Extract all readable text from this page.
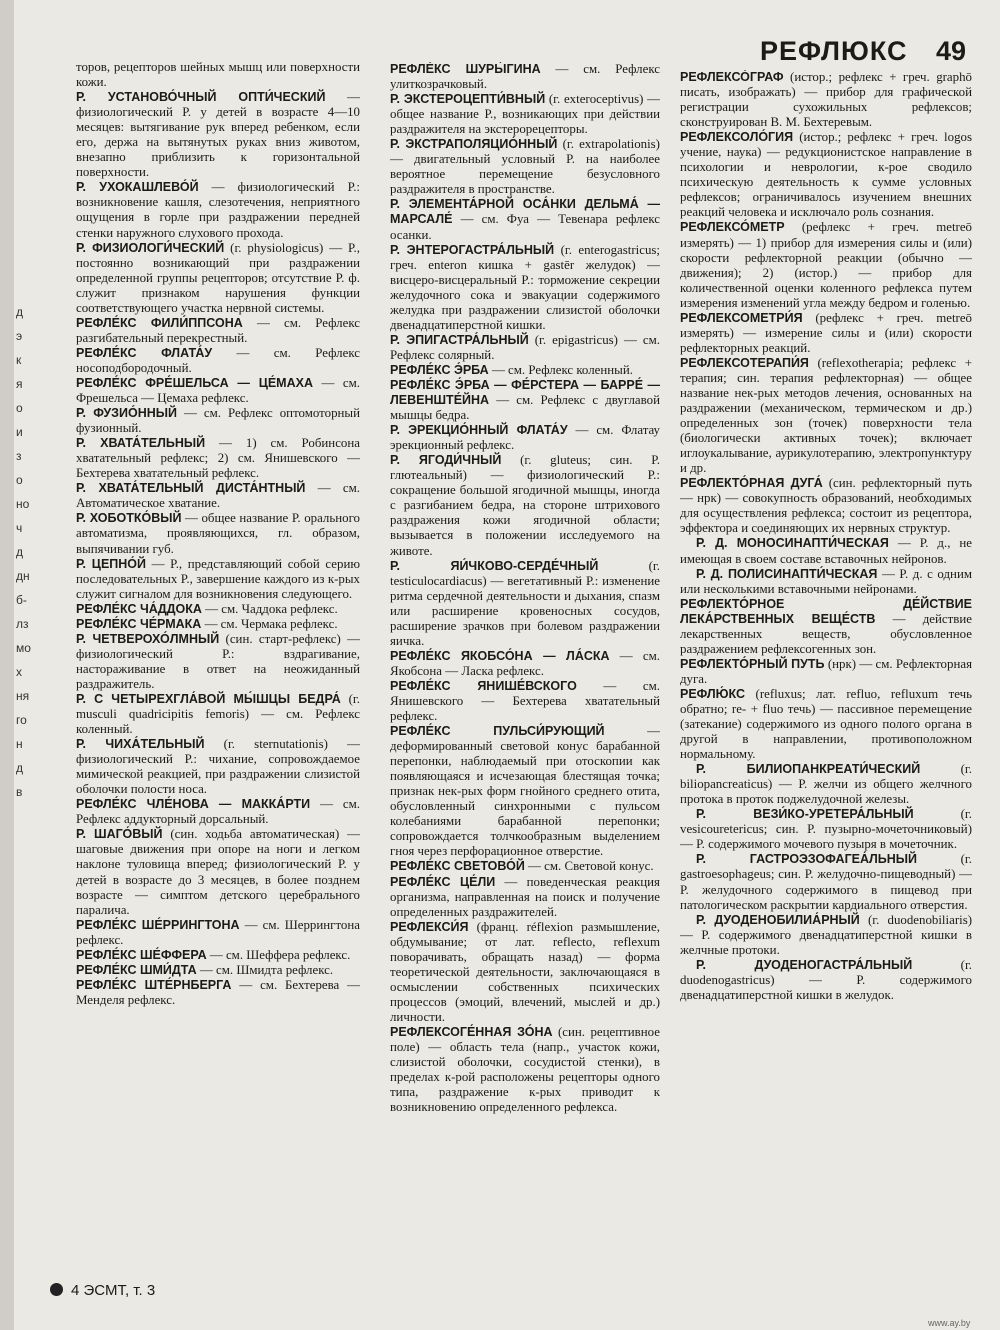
д
э
к
я
о
и
з
о
но
ч
д
дн
б-
лз
мо
х
ня
го
н
д
в
РЕФЛЮКС 49

торов, рецепторов шейных мышц или поверхности кожи.

Р. УСТАНОВО́ЧНЫЙ ОПТИ́ЧЕСКИЙ — физиологический Р. у детей в возрасте 4—10 месяцев: вытягивание рук вперед ребенком, если его, держа на вытянутых руках вниз животом, внезапно приблизить к горизонтальной поверхности.

Р. УХОКАШЛЕВО́Й — физиологический Р.: возникновение кашля, слезотечения, неприятного ощущения в горле при раздражении передней стенки наружного слухового прохода.

Р. ФИЗИОЛОГИ́ЧЕСКИЙ (г. physiologicus) — Р., постоянно возникающий при раздражении определенной группы рецепторов; отсутствие Р. ф. служит признаком нарушения функции соответствующего участка нервной системы.

РЕФЛЕ́КС ФИЛИ́ППСОНА — см. Рефлекс разгибательный перекрестный.

РЕФЛЕ́КС ФЛАТА́У — см. Рефлекс носоподбородочный.

РЕФЛЕ́КС ФРЕ́ШЕЛЬСА — ЦЕ́МАХА — см. Фрешельса — Цемаха рефлекс.

Р. ФУЗИО́ННЫЙ — см. Рефлекс оптомоторный фузионный.

Р. ХВАТА́ТЕЛЬНЫЙ — 1) см. Робинсона хватательный рефлекс; 2) см. Янишевского — Бехтерева хватательный рефлекс.

Р. ХВАТА́ТЕЛЬНЫЙ ДИСТА́НТНЫЙ — см. Автоматическое хватание.

Р. ХОБОТКО́ВЫЙ — общее название Р. орального автоматизма, проявляющихся, гл. образом, выпячивании губ.

Р. ЦЕПНО́Й — Р., представляющий собой серию последовательных Р., завершение каждого из к-рых служит сигналом для возникновения следующего.

РЕФЛЕ́КС ЧА́ДДОКА — см. Чаддока рефлекс.

РЕФЛЕ́КС ЧЕ́РМАКА — см. Чермака рефлекс.

Р. ЧЕТВЕРОХО́ЛМНЫЙ (син. старт-рефлекс) — физиологический Р.: вздрагивание, настораживание в ответ на неожиданный раздражитель.

Р. С ЧЕТЫРЕХГЛА́ВОЙ МЫ́ШЦЫ БЕДРА́ (г. musculi quadricipitis femoris) — см. Рефлекс коленный.

Р. ЧИХА́ТЕЛЬНЫЙ (г. sternutationis) — физиологический Р.: чихание, сопровождаемое мимической реакцией, при раздражении слизистой оболочки полости носа.

РЕФЛЕ́КС ЧЛЕ́НОВА — МАККА́РТИ — см. Рефлекс аддукторный дорсальный.

Р. ШАГО́ВЫЙ (син. ходьба автоматическая) — шаговые движения при опоре на ноги и легком наклоне туловища вперед; физиологический Р. у детей в возрасте до 3 месяцев, в более позднем возрасте — симптом детского церебрального паралича.

РЕФЛЕ́КС ШЕ́РРИНГТОНА — см. Шеррингтона рефлекс.

РЕФЛЕ́КС ШЕ́ФФЕРА — см. Шеффера рефлекс.

РЕФЛЕ́КС ШМИ́ДТА — см. Шмидта рефлекс.

РЕФЛЕ́КС ШТЕ́РНБЕРГА — см. Бехтерева — Менделя рефлекс.

РЕФЛЕ́КС ШУРЫ́ГИНА — см. Рефлекс улиткозрачковый.

Р. ЭКСТЕРОЦЕПТИ́ВНЫЙ (г. exteroceptivus) — общее название Р., возникающих при действии раздражителя на экстерорецепторы.

Р. ЭКСТРАПОЛЯЦИО́ННЫЙ (г. extrapolationis) — двигательный условный Р. на наиболее вероятное перемещение безусловного раздражителя в пространстве.

Р. ЭЛЕМЕНТА́РНОЙ ОСА́НКИ ДЕЛЬМА́ — МАРСАЛЕ́ — см. Фуа — Тевенара рефлекс осанки.

Р. ЭНТЕРОГАСТРА́ЛЬНЫЙ (г. enterogastricus; греч. enteron кишка + gastēr желудок) — висцеро-висцеральный Р.: торможение секреции желудочного сока и эвакуации содержимого желудка при раздражении слизистой оболочки двенадцатиперстной кишки.

Р. ЭПИГАСТРА́ЛЬНЫЙ (г. epigastricus) — см. Рефлекс солярный.

РЕФЛЕ́КС Э́РБА — см. Рефлекс коленный.

РЕФЛЕ́КС Э́РБА — ФЕ́РСТЕРА — БАРРЕ́ — ЛЕВЕНШТЕ́ЙНА — см. Рефлекс с двуглавой мышцы бедра.

Р. ЭРЕКЦИО́ННЫЙ ФЛАТА́У — см. Флатау эрекционный рефлекс.

Р. ЯГОДИ́ЧНЫЙ (г. gluteus; син. Р. глютеальный) — физиологический Р.: сокращение большой ягодичной мышцы, иногда с разгибанием бедра, на стороне штрихового раздражения кожи ягодичной области; вызывается в положении исследуемого на животе.

Р. ЯИ́ЧКОВО-СЕРДЕ́ЧНЫЙ (г. testiculocardiacus) — вегетативный Р.: изменение ритма сердечной деятельности и дыхания, спазм или расширение кровеносных сосудов, расширение зрачков при болевом раздражении яичка.

РЕФЛЕ́КС ЯКОБСО́НА — ЛА́СКА — см. Якобсона — Ласка рефлекс.

РЕФЛЕ́КС ЯНИШЕ́ВСКОГО — см. Янишевского — Бехтерева хватательный рефлекс.

РЕФЛЕ́КС ПУЛЬСИ́РУЮЩИЙ — деформированный световой конус барабанной перепонки, наблюдаемый при отоскопии как появляющаяся и исчезающая блестящая точка; признак нек-рых форм гнойного среднего отита, обусловленный синхронными с пульсом колебаниями барабанной перепонки; сопровождается толчкообразным выделением гноя через перфорационное отверстие.

РЕФЛЕ́КС СВЕТОВО́Й — см. Световой конус.

РЕФЛЕ́КС ЦЕ́ЛИ — поведенческая реакция организма, направленная на поиск и получение определенных раздражителей.

РЕФЛЕКСИ́Я (франц. réflexion размышление, обдумывание; от лат. reflecto, reflexum поворачивать, обращать назад) — форма теоретической деятельности, заключающаяся в осмыслении собственных психических процессов (эмоций, влечений, мыслей и др.) личности.

РЕФЛЕКСОГЕ́ННАЯ ЗО́НА (син. рецептивное поле) — область тела (напр., участок кожи, слизистой оболочки, сосудистой стенки), в пределах к-рой расположены рецепторы одного типа, раздражение к-рых приводит к возникновению определенного рефлекса.

РЕФЛЕКСО́ГРАФ (истор.; рефлекс + греч. graphō писать, изображать) — прибор для графической регистрации сухожильных рефлексов; сконструирован В. М. Бехтеревым.

РЕФЛЕКСОЛО́ГИЯ (истор.; рефлекс + греч. logos учение, наука) — редукционистское направление в психологии и неврологии, к-рое сводило психическую деятельность к сумме условных рефлексов; ограничивалось изучением внешних реакций человека и исключало роль сознания.

РЕФЛЕКСО́МЕТР (рефлекс + греч. metreō измерять) — 1) прибор для измерения силы и (или) скорости рефлекторной реакции (обычно — движения); 2) (истор.) — прибор для количественной оценки коленного рефлекса путем измерения изменений угла между бедром и голенью.

РЕФЛЕКСОМЕТРИ́Я (рефлекс + греч. metreō измерять) — измерение силы и (или) скорости рефлекторных реакций.

РЕФЛЕКСОТЕРАПИ́Я (reflexotherapia; рефлекс + терапия; син. терапия рефлекторная) — общее название нек-рых методов лечения, основанных на раздражении (механическом, термическом и др.) определенных зон (точек) поверхности тела (биологически активных точек); включает иглоукалывание, аурикулотерапию, электропунктуру и др.

РЕФЛЕКТО́РНАЯ ДУГА́ (син. рефлекторный путь — нрк) — совокупность образований, необходимых для осуществления рефлекса; состоит из рецептора, эффектора и соединяющих их нервных структур.

Р. Д. МОНОСИНАПТИ́ЧЕСКАЯ — Р. д., не имеющая в своем составе вставочных нейронов.

Р. Д. ПОЛИСИНАПТИ́ЧЕСКАЯ — Р. д. с одним или несколькими вставочными нейронами.

РЕФЛЕКТО́РНОЕ ДЕ́ЙСТВИЕ ЛЕКА́РСТВЕННЫХ ВЕЩЕ́СТВ — действие лекарственных веществ, обусловленное раздражением рефлексогенных зон.

РЕФЛЕКТО́РНЫЙ ПУТЬ (нрк) — см. Рефлекторная дуга.

РЕФЛЮ́КС (refluxus; лат. refluo, refluxum течь обратно; re- + fluo течь) — пассивное перемещение (затекание) содержимого из одного полого органа в другой в направлении, противоположном нормальному.

Р. БИЛИОПАНКРЕАТИ́ЧЕСКИЙ (г. biliopancreaticus) — Р. желчи из общего желчного протока в проток поджелудочной железы.

Р. ВЕЗИ́КО-УРЕТЕРА́ЛЬНЫЙ (г. vesicouretericus; син. Р. пузырно-мочеточниковый) — Р. содержимого мочевого пузыря в мочеточник.

Р. ГАСТРОЭЗОФАГЕА́ЛЬНЫЙ (г. gastroesophageus; син. Р. желудочно-пищеводный) — Р. желудочного содержимого в пищевод при патологическом раскрытии кардиального отверстия.

Р. ДУОДЕНОБИЛИА́РНЫЙ (г. duodenobiliaris) — Р. содержимого двенадцатиперстной кишки в желчные протоки.

Р. ДУОДЕНОГАСТРА́ЛЬНЫЙ (г. duodenogastricus) — Р. содержимого двенадцатиперстной кишки в желудок.

4 ЭСМТ, т. 3
www.ay.by
